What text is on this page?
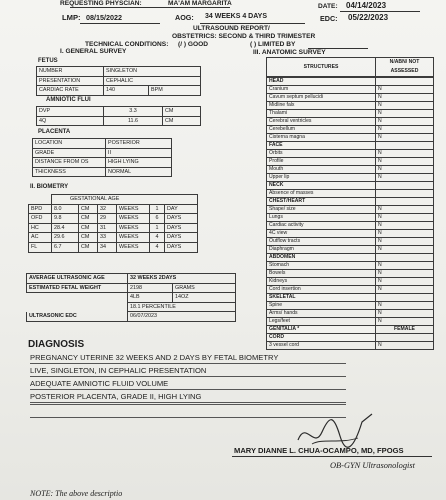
REQUESTING PHYSCIAN:	MA'AM MARGARITA	DATE: 04/14/2023
LMP: 08/15/2022	AOG: 34 WEEKS 4 DAYS	EDC: 05/22/2023
ULTRASOUND REPORT/
OBSTETRICS: SECOND & THIRD TRIMESTER
TECHNICAL CONDITIONS: (/ ) GOOD	( ) LIMITED BY
I. GENERAL SURVEY	III. ANATOMIC SURVEY
FETUS
NUMBER	SINGLETON	
PRESENTATION	CEPHALIC	
CARDIAC RATE	140	BPM
AMNIOTIC FLUI
DVP	3.3	CM
4Q	11.6	CM
PLACENTA
LOCATION	POSTERIOR
GRADE	II
DISTANCE FROM OS	HIGH LYING
THICKNESS	NORMAL
II. BIOMETRY
	GESTATIONAL AGE					
BPD	8.0	CM	32	WEEKS	1	DAY
OFD	9.8	CM	29	WEEKS	6	DAYS
HC	28.4	CM	31	WEEKS	1	DAYS
AC	29.6	CM	33	WEEKS	4	DAYS
FL	6.7	CM	34	WEEKS	4	DAYS
AVERAGE ULTRASONIC AGE	32 WEEKS 2DAYS	
ESTIMATED FETAL WEIGHT	2198	GRAMS
	4LB	14OZ
	18.1 PERCENTILE	
ULTRASONIC EDC	06/07/2023	
STRUCTURES	N/ABN/ NOT ASSESSED
HEAD	
Cranium	N
Cavum septum pellucidi	N
Midline falx	N
Thalami	N
Cerebral ventricles	N
Cerebellum	N
Cisterna magna	N
FACE	
Orbits	N
Profile	N
Mouth	N
Upper lip	N
NECK	
Absence of masses	
CHEST/HEART	
Shape/ size	N
Lungs	N
Cardiac activity	N
4C view	N
Outflow tracts	N
Diaphragm	N
ABDOMEN	
Stomach	N
Bowels	N
Kidneys	N
Cord insertion	N
SKELETAL	
Spine	N
Arms/ hands	N
Legs/feet	N
GENITALIA *	FEMALE
CORD	
3 vessel cord	N
DIAGNOSIS
PREGNANCY UTERINE 32 WEEKS AND 2 DAYS BY FETAL BIOMETRY
LIVE, SINGLETON, IN CEPHALIC PRESENTATION
ADEQUATE AMNIOTIC FLUID VOLUME
POSTERIOR PLACENTA, GRADE II, HIGH LYING
MARY DIANNE L. CHUA-OCAMPO, MD, FPOGS
OB-GYN Ultrasonologist
NOTE: The above descriptio
